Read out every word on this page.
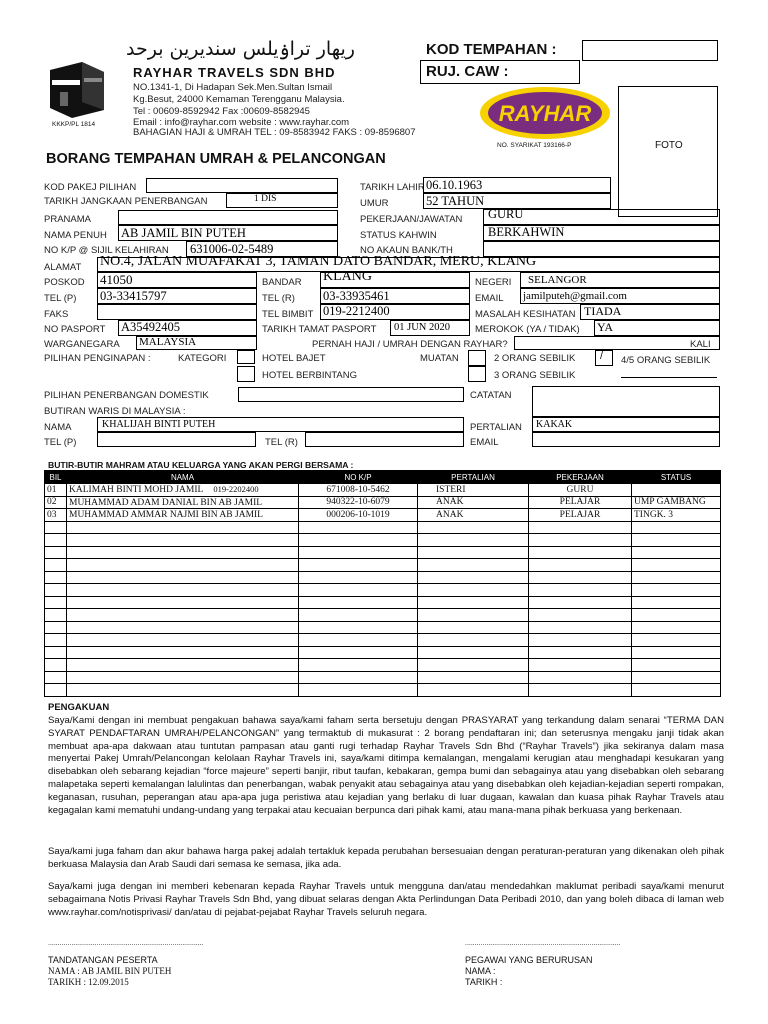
KKKP/PL 1814
ريهار تراۏيلس سنديرين برحد
RAYHAR TRAVELS SDN BHD
NO.1341-1, Di Hadapan Sek.Men.Sultan Ismail
Kg.Besut, 24000 Kemaman Terengganu Malaysia.
Tel : 00609-8592942 Fax :00609-8582945
Email : info@rayhar.com website : www.rayhar.com
BAHAGIAN HAJI & UMRAH TEL : 09-8583942 FAKS : 09-8596807
KOD TEMPAHAN :
RUJ. CAW :
RAYHAR
NO. SYARIKAT 193166-P	FOTO
BORANG TEMPAHAN UMRAH & PELANCONGAN
KOD PAKEJ PILIHAN
TARIKH JANGKAAN PENERBANGAN	1 DIS
TARIKH LAHIR 06.10.1963
UMUR	52 TAHUN
PRANAMA
NAMA PENUH AB JAMIL BIN PUTEH
NO K/P @ SIJIL KELAHIRAN 631006-02-5489
PEKERJAAN/JAWATAN GURU
STATUS KAHWIN	BERKAHWIN
NO AKAUN BANK/TH
ALAMAT NO.4, JALAN MUAFAKAT 3, TAMAN DATO BANDAR, MERU, KLANG
POSKOD 41050	BANDAR KLANG	NEGERI SELANGOR
TEL (P) 03-33415797	TEL (R) 03-33935461	EMAIL jamilputeh@gmail.com
FAKS	TEL BIMBIT 019-2212400	MASALAH KESIHATAN TIADA
NO PASPORT A35492405	TARIKH TAMAT PASPORT 01 JUN 2020	MEROKOK (YA / TIDAK) YA
WARGANEGARA MALAYSIA	PERNAH HAJI / UMRAH DENGAN RAYHAR?	KALI
PILIHAN PENGINAPAN :	KATEGORI	HOTEL BAJET
HOTEL BERBINTANG
MUATAN	2 ORANG SEBILIK / 4/5 ORANG SEBILIK
3 ORANG SEBILIK
PILIHAN PENERBANGAN DOMESTIK	CATATAN
BUTIRAN WARIS DI MALAYSIA :
NAMA	KHALIJAH BINTI PUTEH	PERTALIAN KAKAK
TEL (P)	TEL (R)	EMAIL
BUTIR-BUTIR MAHRAM ATAU KELUARGA YANG AKAN PERGI BERSAMA :
BIL	NAMA	NO K/P	PERTALIAN	PEKERJAAN	STATUS
01	KALIMAH BINTI MOHD JAMIL 019-2202400	671008-10-5462	ISTERI	GURU	
02	MUHAMMAD ADAM DANIAL BIN AB JAMIL	940322-10-6079	ANAK	PELAJAR	UMP GAMBANG
03	MUHAMMAD AMMAR NAJMI BIN AB JAMIL	000206-10-1019	ANAK	PELAJAR	TINGK. 3

PENGAKUAN
Saya/Kami dengan ini membuat pengakuan bahawa saya/kami faham serta bersetuju dengan PRASYARAT yang terkandung dalam senarai “TERMA DAN SYARAT PENDAFTARAN UMRAH/PELANCONGAN” yang termaktub di mukasurat : 2 borang pendaftaran ini; dan seterusnya mengaku janji tidak akan membuat apa-apa dakwaan atau tuntutan pampasan atau ganti rugi terhadap Rayhar Travels Sdn Bhd (“Rayhar Travels”) jika sekiranya dalam masa menyertai Pakej Umrah/Pelancongan kelolaan Rayhar Travels ini, saya/kami ditimpa kemalangan, mengalami kerugian atau menghadapi kesukaran yang disebabkan oleh sebarang kejadian “force majeure” seperti banjir, ribut taufan, kebakaran, gempa bumi dan sebagainya atau yang disebabkan oleh sebarang malapetaka seperti kemalangan lalulintas dan penerbangan, wabak penyakit atau sebagainya atau yang disebabkan oleh kejadian-kejadian seperti rompakan, keganasan, rusuhan, peperangan atau apa-apa juga peristiwa atau kejadian yang berlaku di luar dugaan, kawalan dan kuasa pihak Rayhar Travels atau kegagalan kami mematuhi undang-undang yang terpakai atau kecuaian berpunca dari pihak kami, atau mana-mana pihak berkuasa yang berkenaan.
Saya/kami juga faham dan akur bahawa harga pakej adalah tertakluk kepada perubahan bersesuaian dengan peraturan-peraturan yang dikenakan oleh pihak berkuasa Malaysia dan Arab Saudi dari semasa ke semasa, jika ada.
Saya/kami juga dengan ini memberi kebenaran kepada Rayhar Travels untuk mengguna dan/atau mendedahkan maklumat peribadi saya/kami menurut sebagaimana Notis Privasi Rayhar Travels Sdn Bhd, yang dibuat selaras dengan Akta Perlindungan Data Peribadi 2010, dan yang boleh dibaca di laman web www.rayhar.com/notisprivasi/ dan/atau di pejabat-pejabat Rayhar Travels seluruh negara.
................................................................................
TANDATANGAN PESERTA
NAMA : AB JAMIL BIN PUTEH
TARIKH : 12.09.2015
................................................................................
PEGAWAI YANG BERURUSAN
NAMA :
TARIKH :
